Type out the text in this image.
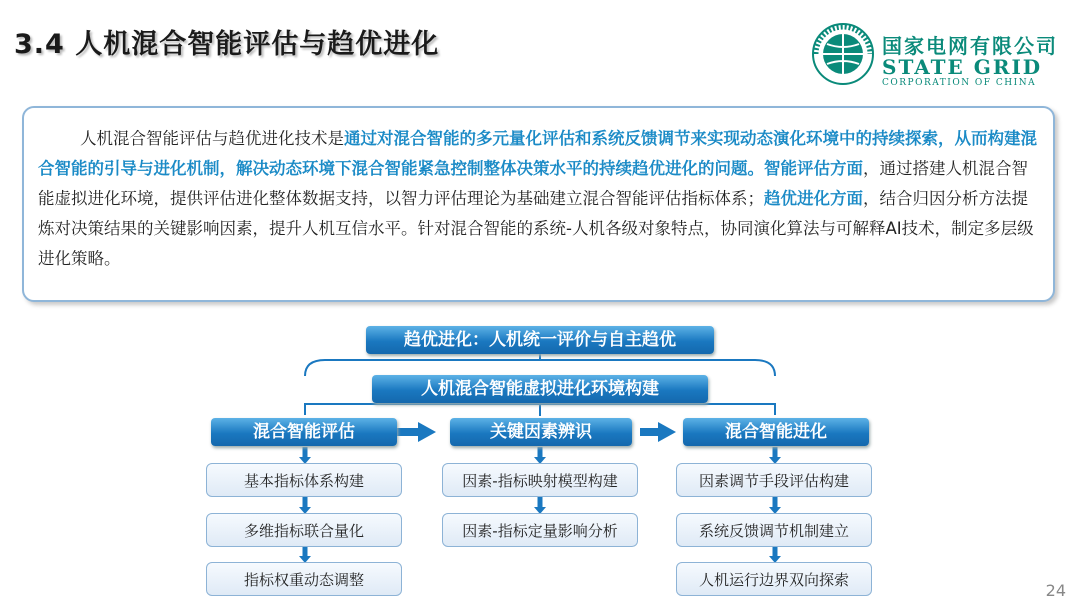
3.4 人机混合智能评估与趋优进化	国家电网有限公司
STATE GRID
CORPORATION OF CHINA
人机混合智能评估与趋优进化技术是通过对混合智能的多元量化评估和系统反馈调节来实现动态演化环境中的持续探索，从而构建混合智能的引导与进化机制，解决动态环境下混合智能紧急控制整体决策水平的持续趋优进化的问题。智能评估方面，通过搭建人机混合智能虚拟进化环境，提供评估进化整体数据支持，以智力评估理论为基础建立混合智能评估指标体系；趋优进化方面，结合归因分析方法提炼对决策结果的关键影响因素，提升人机互信水平。针对混合智能的系统-人机各级对象特点，协同演化算法与可解释AI技术，制定多层级进化策略。
趋优进化：人机统一评价与自主趋优
人机混合智能虚拟进化环境构建
混合智能评估	关键因素辨识	混合智能进化
基本指标体系构建
多维指标联合量化
指标权重动态调整
因素-指标映射模型构建
因素-指标定量影响分析
因素调节手段评估构建
系统反馈调节机制建立
人机运行边界双向探索
24
